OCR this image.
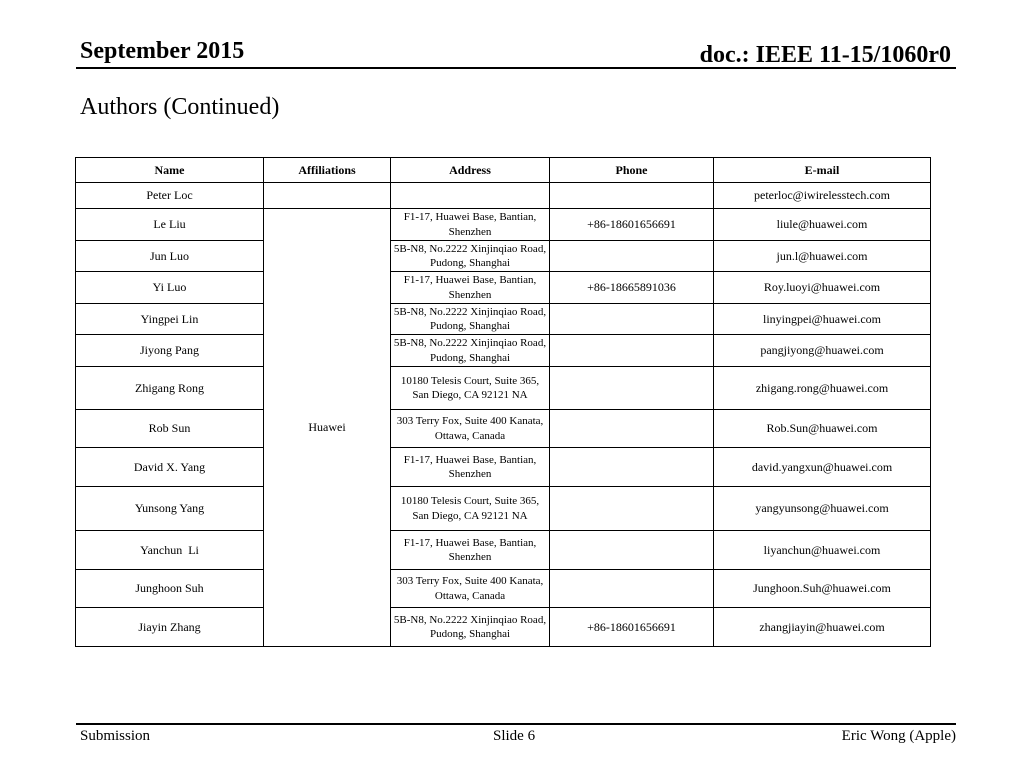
September 2015	doc.: IEEE 11-15/1060r0
Authors (Continued)
Name	Affiliations	Address	Phone	E-mail
Peter Loc				peterloc@iwirelesstech.com
Le Liu	Huawei	F1-17, Huawei Base, Bantian, Shenzhen	+86-18601656691	liule@huawei.com
Jun Luo		5B-N8, No.2222 Xinjinqiao Road, Pudong, Shanghai		jun.l@huawei.com
Yi Luo		F1-17, Huawei Base, Bantian, Shenzhen	+86-18665891036	Roy.luoyi@huawei.com
Yingpei Lin		5B-N8, No.2222 Xinjinqiao Road, Pudong, Shanghai		linyingpei@huawei.com
Jiyong Pang		5B-N8, No.2222 Xinjinqiao Road, Pudong, Shanghai		pangjiyong@huawei.com
Zhigang Rong		10180 Telesis Court, Suite 365, San Diego, CA 92121 NA		zhigang.rong@huawei.com
Rob Sun		303 Terry Fox, Suite 400 Kanata, Ottawa, Canada		Rob.Sun@huawei.com
David X. Yang		F1-17, Huawei Base, Bantian, Shenzhen		david.yangxun@huawei.com
Yunsong Yang		10180 Telesis Court, Suite 365, San Diego, CA 92121 NA		yangyunsong@huawei.com
Yanchun  Li		F1-17, Huawei Base, Bantian, Shenzhen		liyanchun@huawei.com
Junghoon Suh		303 Terry Fox, Suite 400 Kanata, Ottawa, Canada		Junghoon.Suh@huawei.com
Jiayin Zhang		5B-N8, No.2222 Xinjinqiao Road, Pudong, Shanghai	+86-18601656691	zhangjiayin@huawei.com
Submission	Slide 6	Eric Wong (Apple)
